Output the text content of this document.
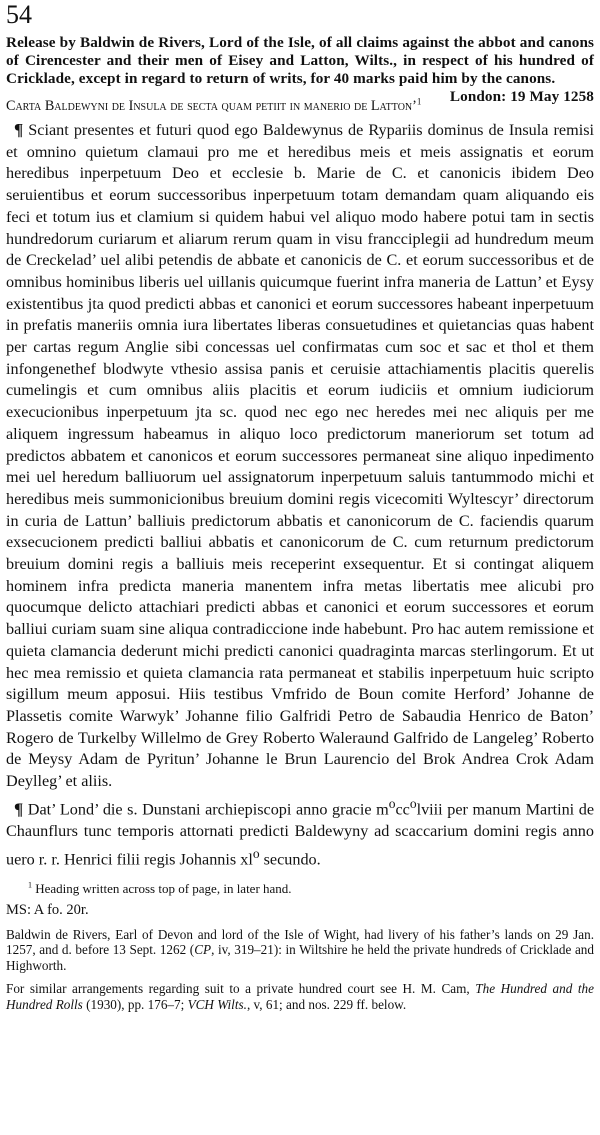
54

Release by Baldwin de Rivers, Lord of the Isle, of all claims against the abbot and canons of Cirencester and their men of Eisey and Latton, Wilts., in respect of his hundred of Cricklade, except in regard to return of writs, for 40 marks paid him by the canons.
London: 19 May 1258

Carta Baldewyni de Insula de secta quam petiit in manerio de Latton’$^1$

¶ Sciant presentes et futuri quod ego Baldewynus de Rypariis dominus de Insula remisi et omnino quietum clamaui pro me et heredibus meis et meis assignatis et eorum heredibus inperpetuum Deo et ecclesie b. Marie de C. et canonicis ibidem Deo seruientibus et eorum successoribus inperpetuum totam demandam quam aliquando eis feci et totum ius et clamium si quidem habui vel aliquo modo habere potui tam in sectis hundredorum curiarum et aliarum rerum quam in visu francciplegii ad hundredum meum de Creckelad’ uel alibi petendis de abbate et canonicis de C. et eorum successoribus et de omnibus hominibus liberis uel uillanis quicumque fuerint infra maneria de Lattun’ et Eysy existentibus jta quod predicti abbas et canonici et eorum successores habeant inperpetuum in prefatis maneriis omnia iura libertates liberas consuetudines et quietancias quas habent per cartas regum Anglie sibi concessas uel confirmatas cum soc et sac et thol et them infongenethef blodwyte vthesio assisa panis et ceruisie attachiamentis placitis querelis cumelingis et cum omnibus aliis placitis et eorum iudiciis et omnium iudiciorum execucionibus inperpetuum jta sc. quod nec ego nec heredes mei nec aliquis per me aliquem ingressum habeamus in aliquo loco predictorum maneriorum set totum ad predictos abbatem et canonicos et eorum successores permaneat sine aliquo inpedimento mei uel heredum balliuorum uel assignatorum inperpetuum saluis tantummodo michi et heredibus meis summonicionibus breuium domini regis vicecomiti Wyltescyr’ directorum in curia de Lattun’ balliuis predictorum abbatis et canonicorum de C. faciendis quarum exsecucionem predicti balliui abbatis et canonicorum de C. cum returnum predictorum breuium domini regis a balliuis meis receperint exsequentur. Et si contingat aliquem hominem infra predicta maneria manentem infra metas libertatis mee alicubi pro quocumque delicto attachiari predicti abbas et canonici et eorum successores et eorum balliui curiam suam sine aliqua contradiccione inde habebunt. Pro hac autem remissione et quieta clamancia dederunt michi predicti canonici quadraginta marcas sterlingorum. Et ut hec mea remissio et quieta clamancia rata permaneat et stabilis inperpetuum huic scripto sigillum meum apposui. Hiis testibus Vmfrido de Boun comite Herford’ Johanne de Plassetis comite Warwyk’ Johanne filio Galfridi Petro de Sabaudia Henrico de Baton’ Rogero de Turkelby Willelmo de Grey Roberto Waleraund Galfrido de Langeleg’ Roberto de Meysy Adam de Pyritun’ Johanne le Brun Laurencio del Brok Andrea Crok Adam Deylleg’ et aliis.

¶ Dat’ Lond’ die s. Dunstani archiepiscopi anno gracie $m^occ^olviii$ per manum Martini de Chaunflurs tunc temporis attornati predicti Baldewyny ad scaccarium domini regis anno uero r. r. Henrici filii regis Johannis $xl^o$ secundo.

$^1$ Heading written across top of page, in later hand.
MS: A fo. 20r.

Baldwin de Rivers, Earl of Devon and lord of the Isle of Wight, had livery of his father’s lands on 29 Jan. 1257, and d. before 13 Sept. 1262 (CP, iv, 319–21): in Wiltshire he held the private hundreds of Cricklade and Highworth.

For similar arrangements regarding suit to a private hundred court see H. M. Cam, The Hundred and the Hundred Rolls (1930), pp. 176–7; VCH Wilts., v, 61; and nos. 229 ff. below.
